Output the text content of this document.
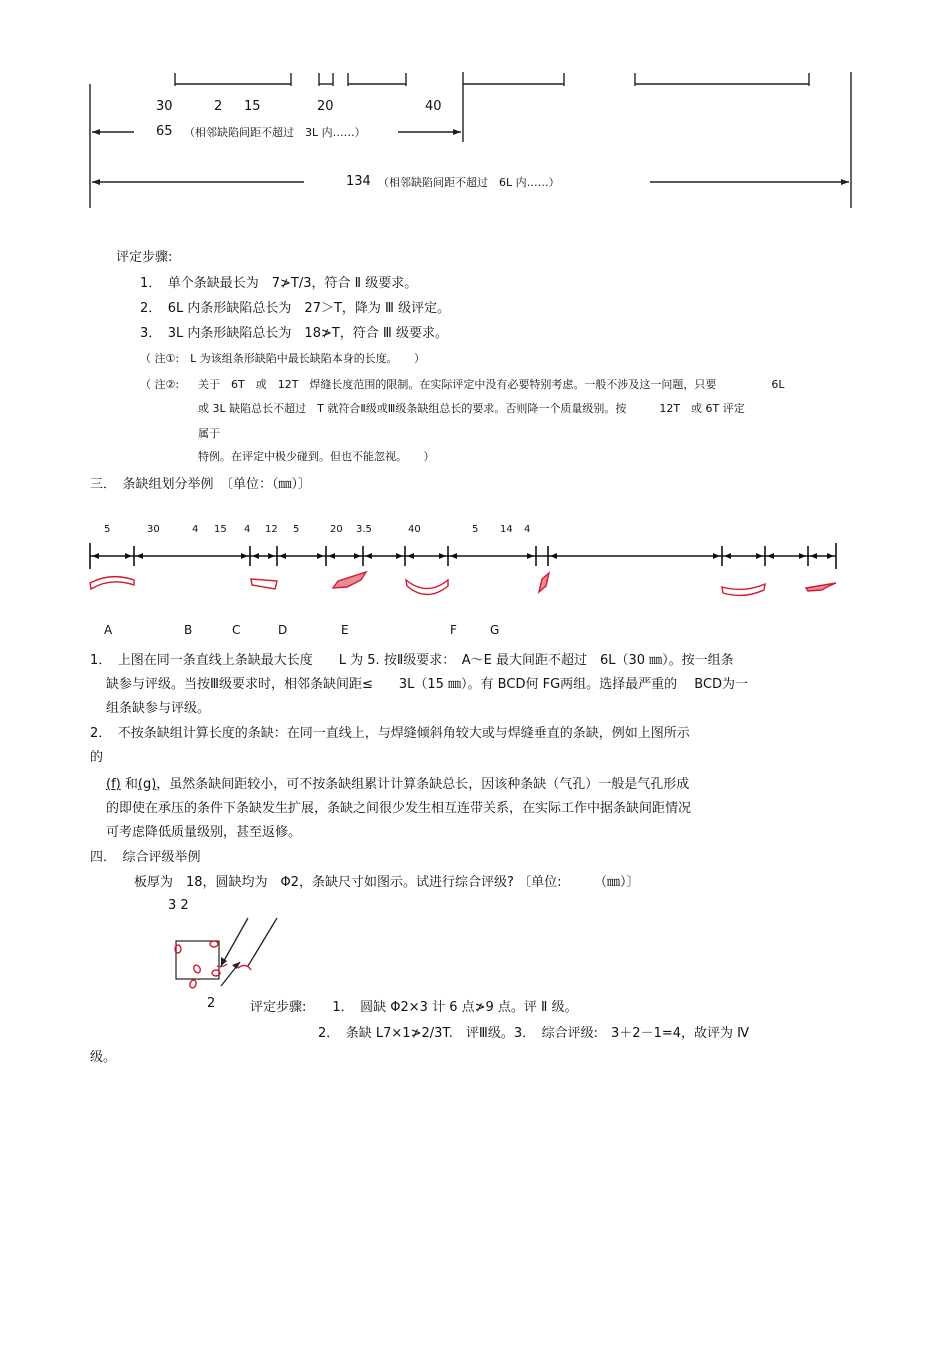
30	2 15	20	40
65 （相邻缺陷间距不超过　3L 内……）
134 （相邻缺陷间距不超过　6L 内……）
评定步骤:
1．　单个条缺最长为　7≯T/3，符合 Ⅱ 级要求。
2．　6L 内条形缺陷总长为　27＞T，降为 Ⅲ 级评定。
3．　3L 内条形缺陷总长为　18≯T，符合 Ⅲ 级要求。
（ 注①:　L 为该组条形缺陷中最长缺陷本身的长度。　　）
（ 注②: 关于　6T　或　12T　焊缝长度范围的限制。在实际评定中没有必要特别考虑。一般不涉及这一问题，只要　　　　　6L
或 3L 缺陷总长不超过　T 就符合Ⅱ级或Ⅲ级条缺组总长的要求。否则降一个质量级别。按　　　12T　或 6T 评定
属于
特例。在评定中极少碰到。但也不能忽视。　　）
三．　条缺组划分举例　〔单位：（㎜）〕
5	30	4 15 4 12 5	20 3.5	40	5 14 4
A	B	C	D	E	F	G
1．　上图在同一条直线上条缺最大长度　　L 为 5. 按Ⅱ级要求：　A～E 最大间距不超过　6L（30 ㎜）。按一组条
缺参与评级。当按Ⅲ级要求时，相邻条缺间距≤　　3L（15 ㎜）。有 BCD何 FG两组。选择最严重的　 BCD为一
组条缺参与评级。
2．　不按条缺组计算长度的条缺：在同一直线上，与焊缝倾斜角较大或与焊缝垂直的条缺，例如上图所示
的
(f) 和(g)，虽然条缺间距较小，可不按条缺组累计计算条缺总长，因该种条缺（气孔）一般是气孔形成
的即使在承压的条件下条缺发生扩展，条缺之间很少发生相互连带关系，在实际工作中据条缺间距情况
可考虑降低质量级别，甚至返修。
四．　综合评级举例
板厚为　18，圆缺均为　Φ2，条缺尺寸如图示。试进行综合评级? 〔单位:　　　（㎜）〕
3 2
2	评定步骤:　　1．　圆缺 Φ2×3 计 6 点≯9 点。评 Ⅱ 级。
2．　条缺 L7×1≯2/3T.　评Ⅲ级。3．　综合评级:　3＋2－1=4，故评为 Ⅳ
级。
